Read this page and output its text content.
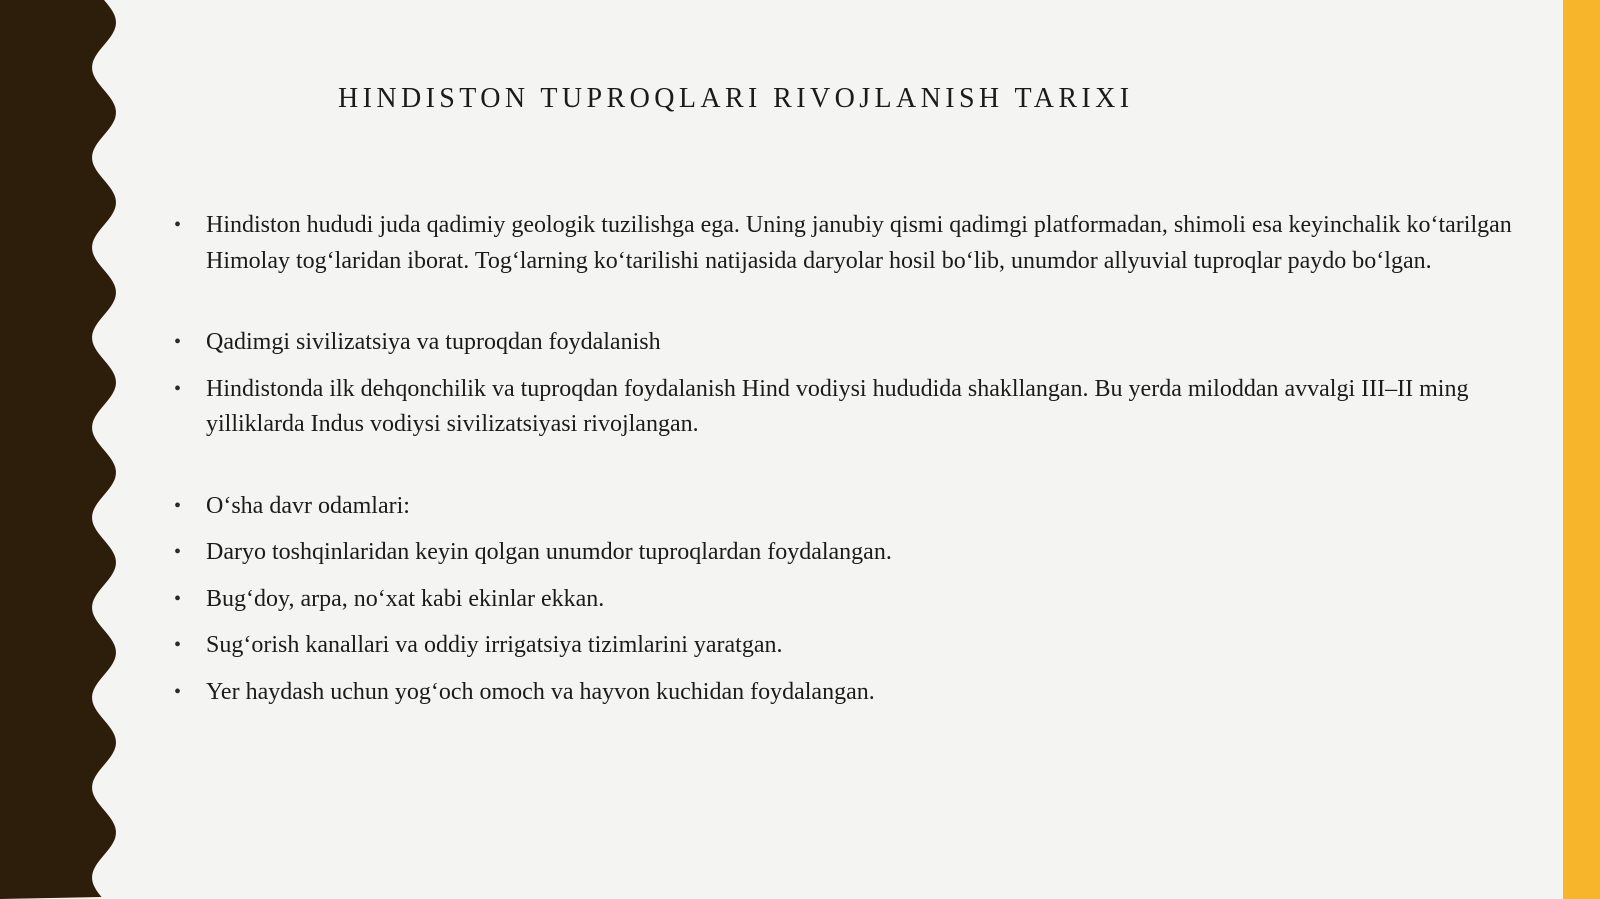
HINDISTON TUPROQLARI RIVOJLANISH TARIXI
• Hindiston hududi juda qadimiy geologik tuzilishga ega. Uning janubiy qismi qadimgi platformadan, shimoli esa keyinchalik ko‘tarilgan Himolay tog‘laridan iborat. Tog‘larning ko‘tarilishi natijasida daryolar hosil bo‘lib, unumdor allyuvial tuproqlar paydo bo‘lgan.
• Qadimgi sivilizatsiya va tuproqdan foydalanish
• Hindistonda ilk dehqonchilik va tuproqdan foydalanish Hind vodiysi hududida shakllangan. Bu yerda miloddan avvalgi III–II ming yilliklarda Indus vodiysi sivilizatsiyasi rivojlangan.
• O‘sha davr odamlari:
• Daryo toshqinlaridan keyin qolgan unumdor tuproqlardan foydalangan.
• Bug‘doy, arpa, no‘xat kabi ekinlar ekkan.
• Sug‘orish kanallari va oddiy irrigatsiya tizimlarini yaratgan.
• Yer haydash uchun yog‘och omoch va hayvon kuchidan foydalangan.
